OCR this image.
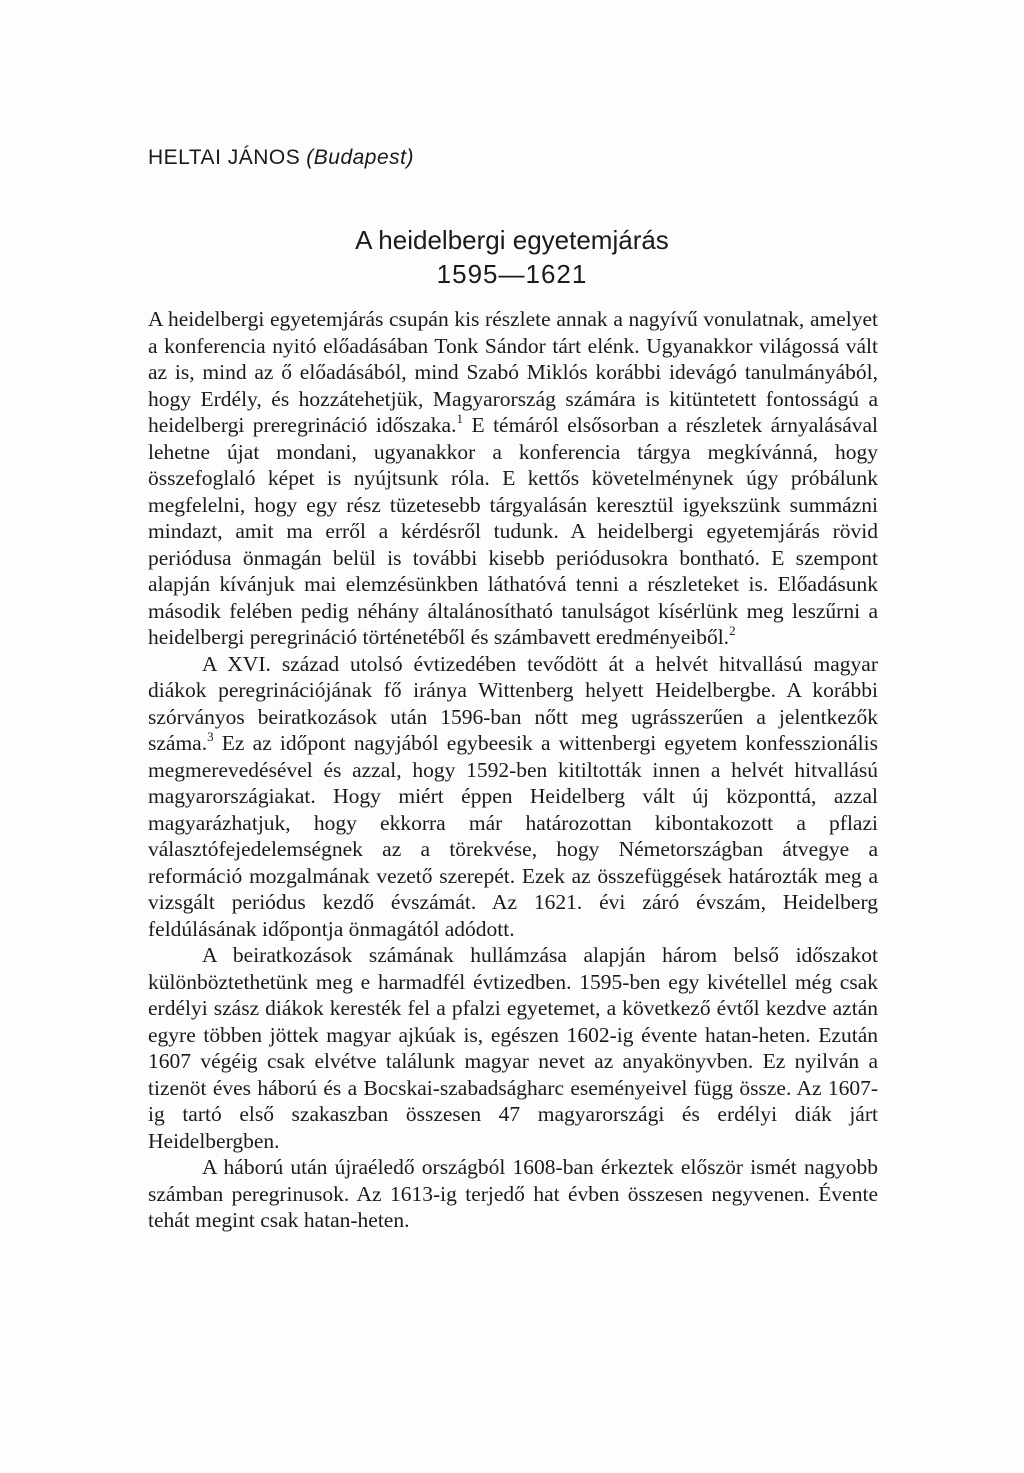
HELTAI JÁNOS (Budapest)
A heidelbergi egyetemjárás
1595—1621

A heidelbergi egyetemjárás csupán kis részlete annak a nagyívű vonulatnak, amelyet a konferencia nyitó előadásában Tonk Sándor tárt elénk. Ugyanakkor világossá vált az is, mind az ő előadásából, mind Szabó Miklós korábbi idevágó tanulmányából, hogy Erdély, és hozzátehetjük, Magyarország számára is kitüntetett fontosságú a heidelbergi preregrináció időszaka.$^1$ E témáról elsősorban a részletek árnyalásával lehetne újat mondani, ugyanakkor a konferencia tárgya megkívánná, hogy összefoglaló képet is nyújtsunk róla. E kettős követelménynek úgy próbálunk megfelelni, hogy egy rész tüzetesebb tárgyalásán keresztül igyekszünk summázni mindazt, amit ma erről a kérdésről tudunk. A heidelbergi egyetemjárás rövid periódusa önmagán belül is további kisebb periódusokra bontható. E szempont alapján kívánjuk mai elemzésünkben láthatóvá tenni a részleteket is. Előadásunk második felében pedig néhány általánosítható tanulságot kísérlünk meg leszűrni a heidelbergi peregrináció történetéből és számbavett eredményeiből.$^2$

A XVI. század utolsó évtizedében tevődött át a helvét hitvallású magyar diákok peregrinációjának fő iránya Wittenberg helyett Heidelbergbe. A korábbi szórványos beiratkozások után 1596-ban nőtt meg ugrásszerűen a jelentkezők száma.$^3$ Ez az időpont nagyjából egybeesik a wittenbergi egyetem konfesszionális megmerevedésével és azzal, hogy 1592-ben kitiltották innen a helvét hitvallású magyarországiakat. Hogy miért éppen Heidelberg vált új központtá, azzal magyarázhatjuk, hogy ekkorra már határozottan kibontakozott a pflazi választófejedelemségnek az a törekvése, hogy Németországban átvegye a reformáció mozgalmának vezető szerepét. Ezek az összefüggések határozták meg a vizsgált periódus kezdő évszámát. Az 1621. évi záró évszám, Heidelberg feldúlásának időpontja önmagától adódott.

A beiratkozások számának hullámzása alapján három belső időszakot különböztethetünk meg e harmadfél évtizedben. 1595-ben egy kivétellel még csak erdélyi szász diákok keresték fel a pfalzi egyetemet, a következő évtől kezdve aztán egyre többen jöttek magyar ajkúak is, egészen 1602-ig évente hatan-heten. Ezután 1607 végéig csak elvétve találunk magyar nevet az anyakönyvben. Ez nyilván a tizenöt éves háború és a Bocskai-szabadságharc eseményeivel függ össze. Az 1607-ig tartó első szakaszban összesen 47 magyarországi és erdélyi diák járt Heidelbergben.

A háború után újraéledő országból 1608-ban érkeztek először ismét nagyobb számban peregrinusok. Az 1613-ig terjedő hat évben összesen negyvenen. Évente tehát megint csak hatan-heten.
